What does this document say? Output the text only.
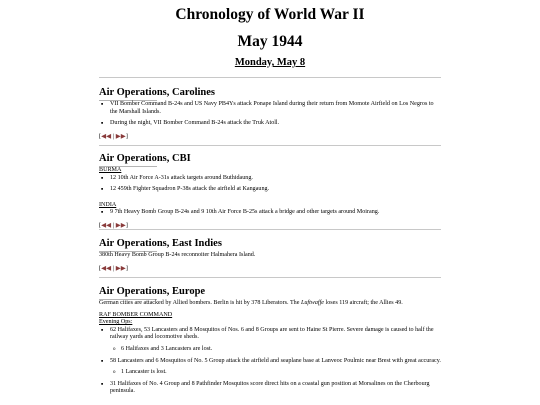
Chronology of World War II
May 1944
Monday, May 8
Air Operations, Carolines
■ VII Bomber Command B-24s and US Navy PB4Ys attack Ponape Island during their return from Momote Airfield on Los Negros to the Marshall Islands.
■ During the night, VII Bomber Command B-24s attack the Truk Atoll.
[◀◀ | ▶▶]
Air Operations, CBI
BURMA
■ 12 10th Air Force A-31s attack targets around Buthidaung.
■ 12 459th Fighter Squadron P-38s attack the airfield at Kangaung.
INDIA
■ 9 7th Heavy Bomb Group B-24s and 9 10th Air Force B-25s attack a bridge and other targets around Moirang.
[◀◀ | ▶▶]
Air Operations, East Indies
380th Heavy Bomb Group B-24s reconnoiter Halmahera Island.
[◀◀ | ▶▶]
Air Operations, Europe
German cities are attacked by Allied bombers. Berlin is hit by 378 Liberators. The Luftwaffe loses 119 aircraft; the Allies 49.
RAF BOMBER COMMAND
Evening Ops:
■ 62 Halifaxes, 53 Lancasters and 8 Mosquitos of Nos. 6 and 8 Groups are sent to Haine St Pierre. Severe damage is caused to half the railway yards and locomotive sheds.
o 6 Halifaxes and 3 Lancasters are lost.
■ 58 Lancasters and 6 Mosquitos of No. 5 Group attack the airfield and seaplane base at Lanveoc Poulmic near Brest with great accuracy.
o 1 Lancaster is lost.
■ 31 Halifaxes of No. 4 Group and 8 Pathfinder Mosquitos score direct hits on a coastal gun position at Morsalines on the Cherbourg peninsula.
